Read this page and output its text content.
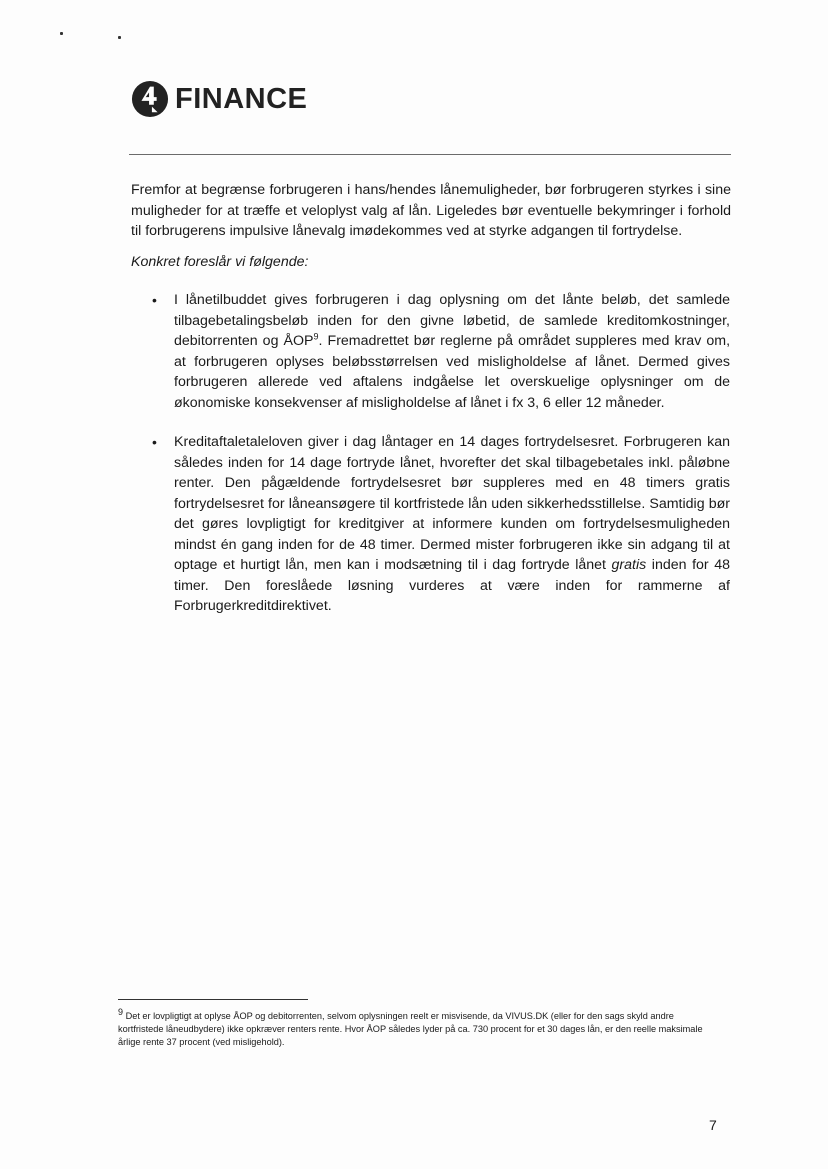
FINANCE
Fremfor at begrænse forbrugeren i hans/hendes lånemuligheder, bør forbrugeren styrkes i sine muligheder for at træffe et veloplyst valg af lån. Ligeledes bør eventuelle bekymringer i forhold til forbrugerens impulsive lånevalg imødekommes ved at styrke adgangen til fortrydelse.
Konkret foreslår vi følgende:
• I lånetilbuddet gives forbrugeren i dag oplysning om det lånte beløb, det samlede tilbagebetalingsbeløb inden for den givne løbetid, de samlede kreditomkostninger, debitorrenten og ÅOP$^9$. Fremadrettet bør reglerne på området suppleres med krav om, at forbrugeren oplyses beløbsstørrelsen ved misligholdelse af lånet. Dermed gives forbrugeren allerede ved aftalens indgåelse let overskuelige oplysninger om de økonomiske konsekvenser af misligholdelse af lånet i fx 3, 6 eller 12 måneder.
• Kreditaftaletaleloven giver i dag låntager en 14 dages fortrydelsesret. Forbrugeren kan således inden for 14 dage fortryde lånet, hvorefter det skal tilbagebetales inkl. påløbne renter. Den pågældende fortrydelsesret bør suppleres med en 48 timers gratis fortrydelsesret for låneansøgere til kortfristede lån uden sikkerhedsstillelse. Samtidig bør det gøres lovpligtigt for kreditgiver at informere kunden om fortrydelsesmuligheden mindst én gang inden for de 48 timer. Dermed mister forbrugeren ikke sin adgang til at optage et hurtigt lån, men kan i modsætning til i dag fortryde lånet gratis inden for 48 timer. Den foreslåede løsning vurderes at være inden for rammerne af Forbrugerkreditdirektivet.
$^9$ Det er lovpligtigt at oplyse ÅOP og debitorrenten, selvom oplysningen reelt er misvisende, da VIVUS.DK (eller for den sags skyld andre kortfristede låneudbydere) ikke opkræver renters rente. Hvor ÅOP således lyder på ca. 730 procent for et 30 dages lån, er den reelle maksimale årlige rente 37 procent (ved misligehold).
7
